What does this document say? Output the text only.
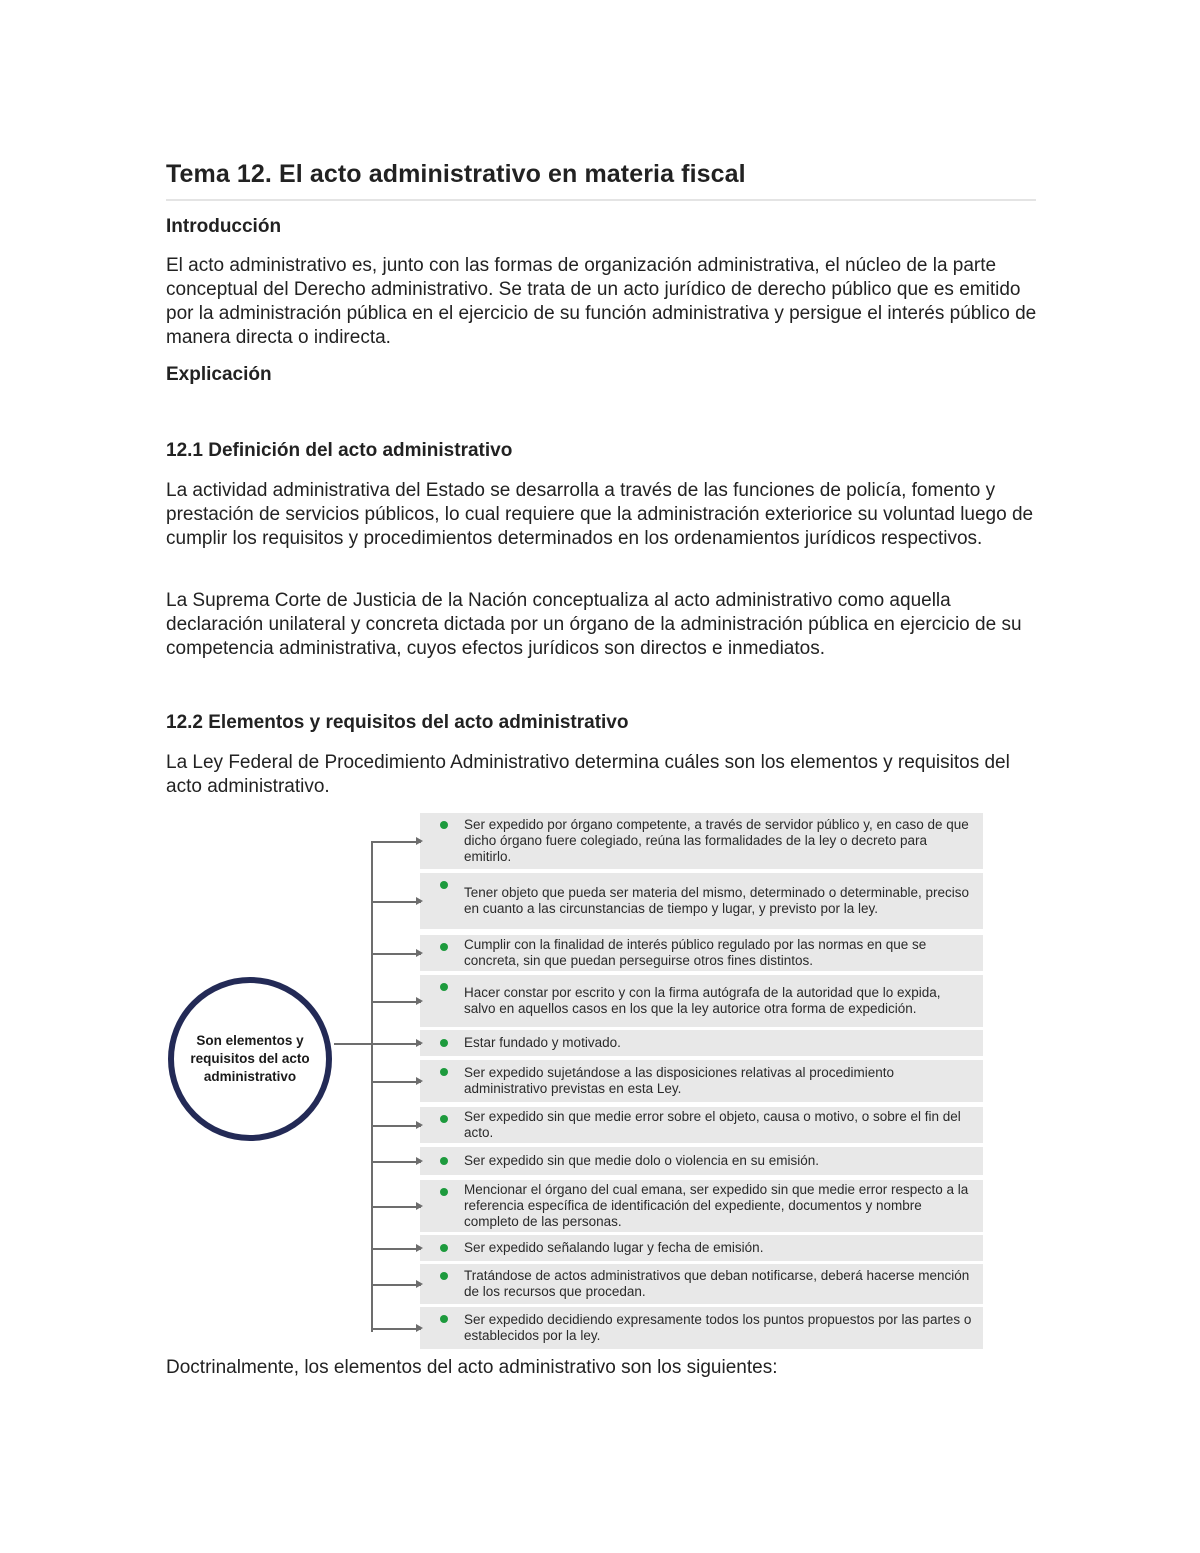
Tema 12. El acto administrativo en materia fiscal
Introducción

El acto administrativo es, junto con las formas de organización administrativa, el núcleo de la parte conceptual del Derecho administrativo. Se trata de un acto jurídico de derecho público que es emitido por la administración pública en el ejercicio de su función administrativa y persigue el interés público de manera directa o indirecta.

Explicación
12.1 Definición del acto administrativo

La actividad administrativa del Estado se desarrolla a través de las funciones de policía, fomento y prestación de servicios públicos, lo cual requiere que la administración exteriorice su voluntad luego de cumplir los requisitos y procedimientos determinados en los ordenamientos jurídicos respectivos.

La Suprema Corte de Justicia de la Nación conceptualiza al acto administrativo como aquella declaración unilateral y concreta dictada por un órgano de la administración pública en ejercicio de su competencia administrativa, cuyos efectos jurídicos son directos e inmediatos.

12.2 Elementos y requisitos del acto administrativo

La Ley Federal de Procedimiento Administrativo determina cuáles son los elementos y requisitos del acto administrativo.

Son elementos y requisitos del acto administrativo
Ser expedido por órgano competente, a través de servidor público y, en caso de que dicho órgano fuere colegiado, reúna las formalidades de la ley o decreto para emitirlo.
Tener objeto que pueda ser materia del mismo, determinado o determinable, preciso en cuanto a las circunstancias de tiempo y lugar, y previsto por la ley.
Cumplir con la finalidad de interés público regulado por las normas en que se concreta, sin que puedan perseguirse otros fines distintos.
Hacer constar por escrito y con la firma autógrafa de la autoridad que lo expida, salvo en aquellos casos en los que la ley autorice otra forma de expedición.
Estar fundado y motivado.
Ser expedido sujetándose a las disposiciones relativas al procedimiento administrativo previstas en esta Ley.
Ser expedido sin que medie error sobre el objeto, causa o motivo, o sobre el fin del acto.
Ser expedido sin que medie dolo o violencia en su emisión.
Mencionar el órgano del cual emana, ser expedido sin que medie error respecto a la referencia específica de identificación del expediente, documentos y nombre completo de las personas.
Ser expedido señalando lugar y fecha de emisión.
Tratándose de actos administrativos que deban notificarse, deberá hacerse mención de los recursos que procedan.
Ser expedido decidiendo expresamente todos los puntos propuestos por las partes o establecidos por la ley.

Doctrinalmente, los elementos del acto administrativo son los siguientes:
